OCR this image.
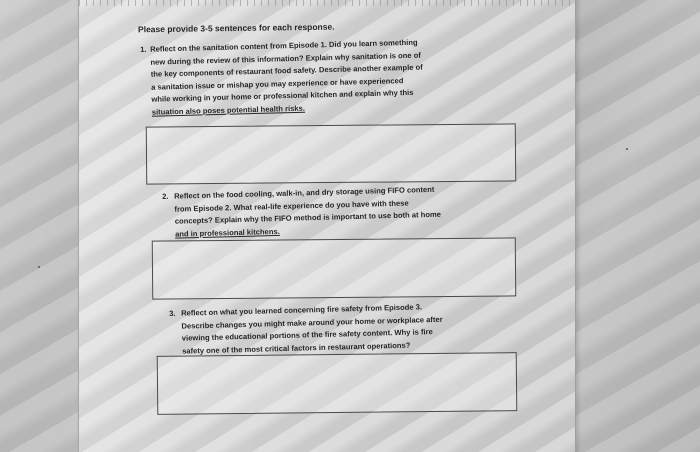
Please provide 3-5 sentences for each response.
1. Reflect on the sanitation content from Episode 1. Did you learn something
new during the review of this information? Explain why sanitation is one of
the key components of restaurant food safety. Describe another example of
a sanitation issue or mishap you may experience or have experienced
while working in your home or professional kitchen and explain why this
situation also poses potential health risks.
2. Reflect on the food cooling, walk-in, and dry storage using FIFO content
from Episode 2. What real-life experience do you have with these
concepts? Explain why the FIFO method is important to use both at home
and in professional kitchens.
3. Reflect on what you learned concerning fire safety from Episode 3.
Describe changes you might make around your home or workplace after
viewing the educational portions of the fire safety content. Why is fire
safety one of the most critical factors in restaurant operations?
